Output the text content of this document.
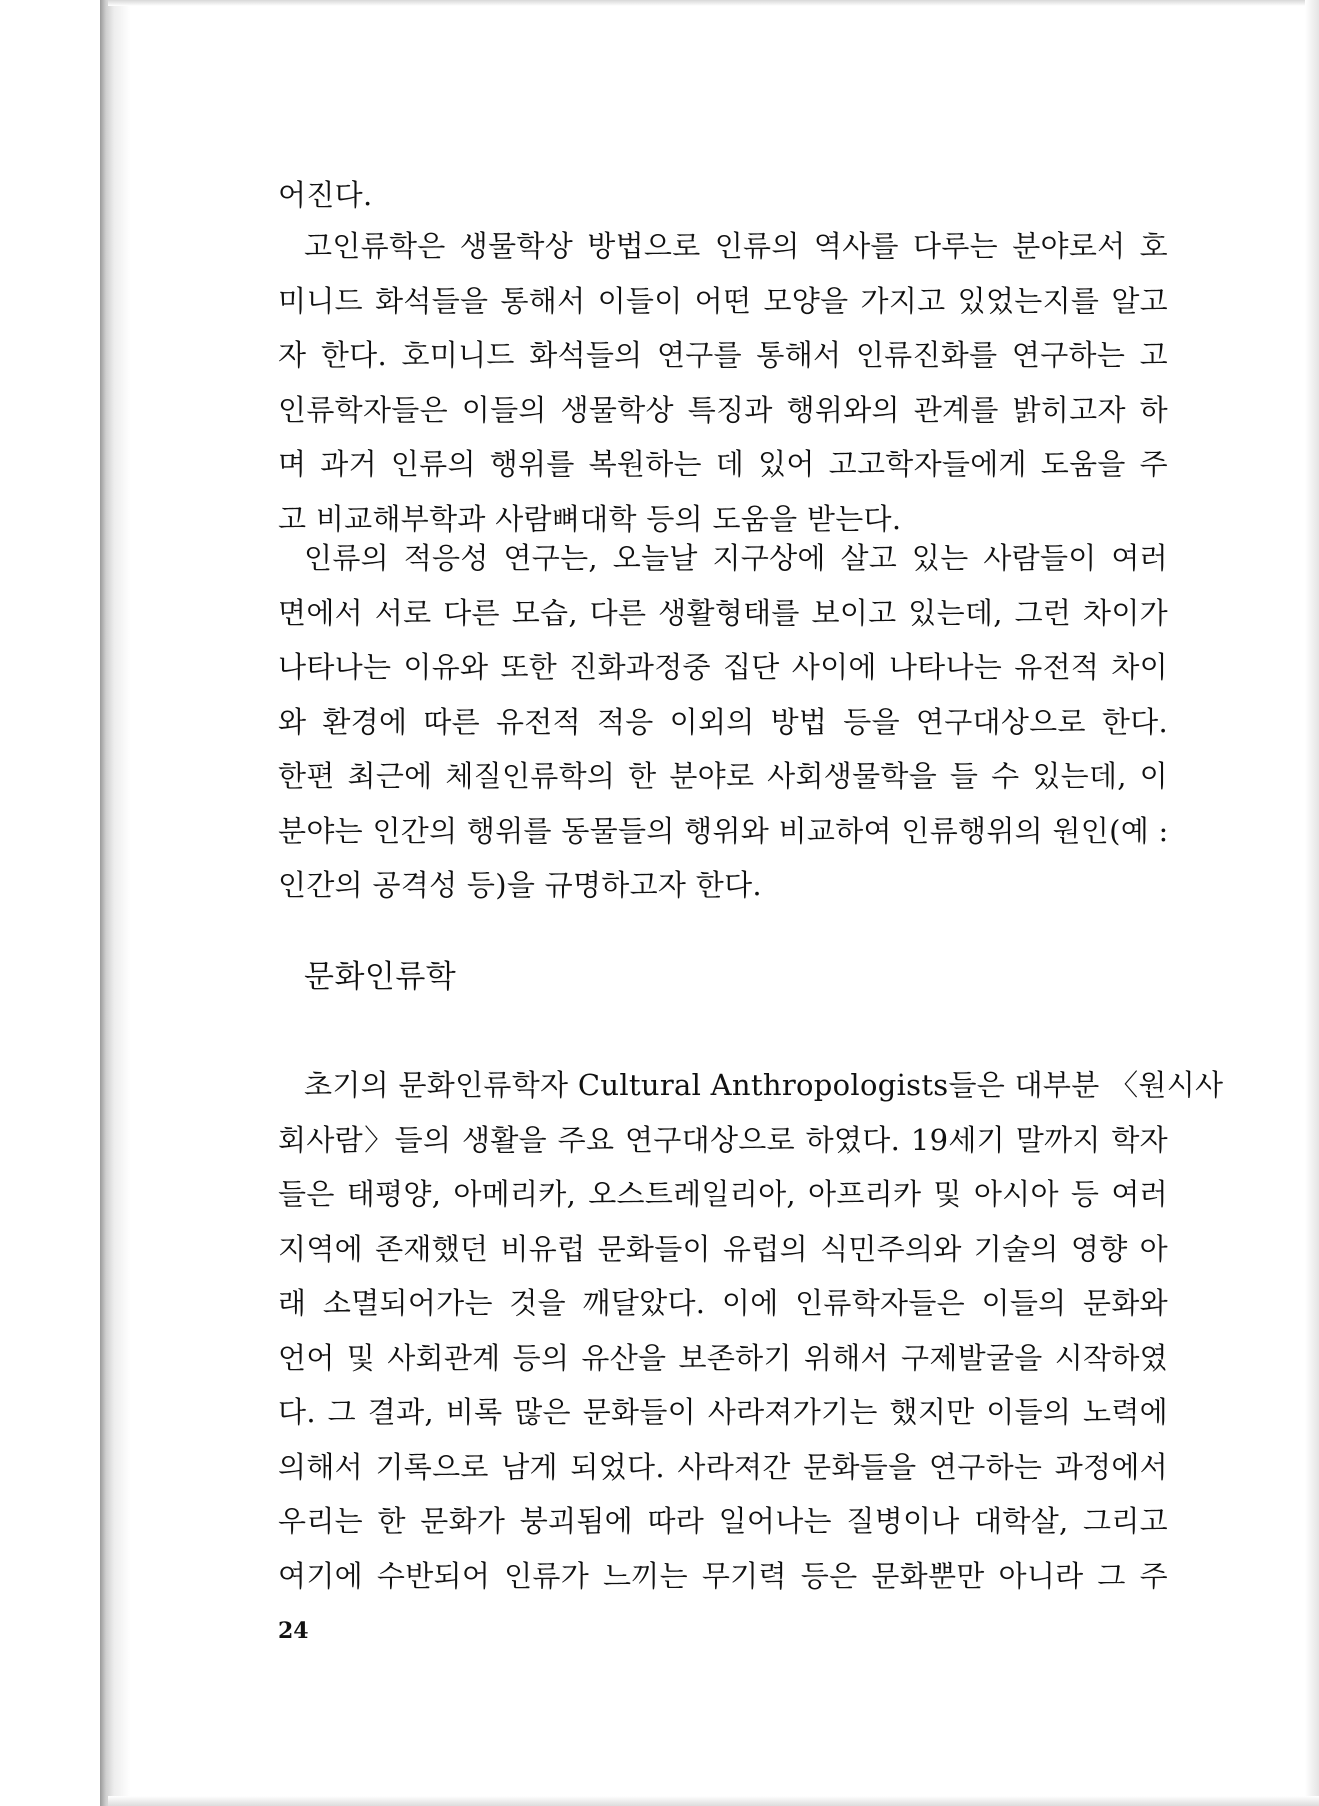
어진다.
고인류학은 생물학상 방법으로 인류의 역사를 다루는 분야로서 호
미니드 화석들을 통해서 이들이 어떤 모양을 가지고 있었는지를 알고
자 한다. 호미니드 화석들의 연구를 통해서 인류진화를 연구하는 고
인류학자들은 이들의 생물학상 특징과 행위와의 관계를 밝히고자 하
며 과거 인류의 행위를 복원하는 데 있어 고고학자들에게 도움을 주
고 비교해부학과 사람뼈대학 등의 도움을 받는다.
인류의 적응성 연구는, 오늘날 지구상에 살고 있는 사람들이 여러
면에서 서로 다른 모습, 다른 생활형태를 보이고 있는데, 그런 차이가
나타나는 이유와 또한 진화과정중 집단 사이에 나타나는 유전적 차이
와 환경에 따른 유전적 적응 이외의 방법 등을 연구대상으로 한다.
한편 최근에 체질인류학의 한 분야로 사회생물학을 들 수 있는데, 이
분야는 인간의 행위를 동물들의 행위와 비교하여 인류행위의 원인(예 :
인간의 공격성 등)을 규명하고자 한다.
문화인류학
초기의 문화인류학자 Cultural Anthropologists들은 대부분 〈원시사
회사람〉들의 생활을 주요 연구대상으로 하였다. 19세기 말까지 학자
들은 태평양, 아메리카, 오스트레일리아, 아프리카 및 아시아 등 여러
지역에 존재했던 비유럽 문화들이 유럽의 식민주의와 기술의 영향 아
래 소멸되어가는 것을 깨달았다. 이에 인류학자들은 이들의 문화와
언어 및 사회관계 등의 유산을 보존하기 위해서 구제발굴을 시작하였
다. 그 결과, 비록 많은 문화들이 사라져가기는 했지만 이들의 노력에
의해서 기록으로 남게 되었다. 사라져간 문화들을 연구하는 과정에서
우리는 한 문화가 붕괴됨에 따라 일어나는 질병이나 대학살, 그리고
여기에 수반되어 인류가 느끼는 무기력 등은 문화뿐만 아니라 그 주
24
